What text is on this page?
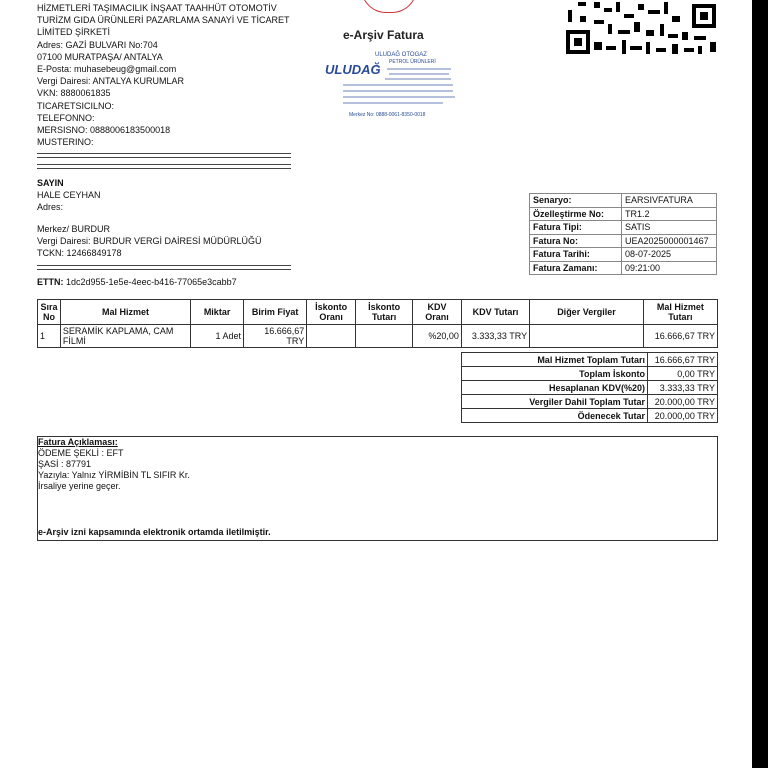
HİZMETLERİ TAŞIMACILIK İNŞAAT TAAHHÜT OTOMOTİV TURİZM GIDA ÜRÜNLERİ PAZARLAMA SANAYİ VE TİCARET LİMİTED ŞİRKETİ
Adres: GAZİ BULVARI No:704
07100 MURATPAŞA/ ANTALYA
E-Posta: muhasebeug@gmail.com
Vergi Dairesi: ANTALYA KURUMLAR
VKN: 8880061835
TICARETSICILNO:
TELEFONNO:
MERSISNO: 0888006183500018
MUSTERINO:
e-Arşiv Fatura
ULUDAĞ OTOGAZ
PETROL ÜRÜNLERİ
ULUDAĞ
Merkez No: 0888-0061-8350-0018
SAYIN
HALE CEYHAN
Adres:
Merkez/ BURDUR
Vergi Dairesi: BURDUR VERGİ DAİRESİ MÜDÜRLÜĞÜ
TCKN: 12466849178
ETTN: 1dc2d955-1e5e-4eec-b416-77065e3cabb7
Senaryo:	EARSIVFATURA
Özelleştirme No:	TR1.2
Fatura Tipi:	SATIS
Fatura No:	UEA2025000001467
Fatura Tarihi:	08-07-2025
Fatura Zamanı:	09:21:00
Sıra No	Mal Hizmet	Miktar	Birim Fiyat	İskonto Oranı	İskonto Tutarı	KDV Oranı	KDV Tutarı	Diğer Vergiler	Mal Hizmet Tutarı
1	SERAMİK KAPLAMA, CAM FİLMİ	1 Adet	16.666,67 TRY			%20,00	3.333,33 TRY		16.666,67 TRY
Mal Hizmet Toplam Tutarı	16.666,67 TRY
Toplam İskonto	0,00 TRY
Hesaplanan KDV(%20)	3.333,33 TRY
Vergiler Dahil Toplam Tutar	20.000,00 TRY
Ödenecek Tutar	20.000,00 TRY
Fatura Açıklaması:
ÖDEME ŞEKLİ : EFT
ŞASİ : 87791
Yazıyla: Yalnız YİRMİBİN TL SIFIR Kr.
İrsaliye yerine geçer.
e-Arşiv izni kapsamında elektronik ortamda iletilmiştir.
